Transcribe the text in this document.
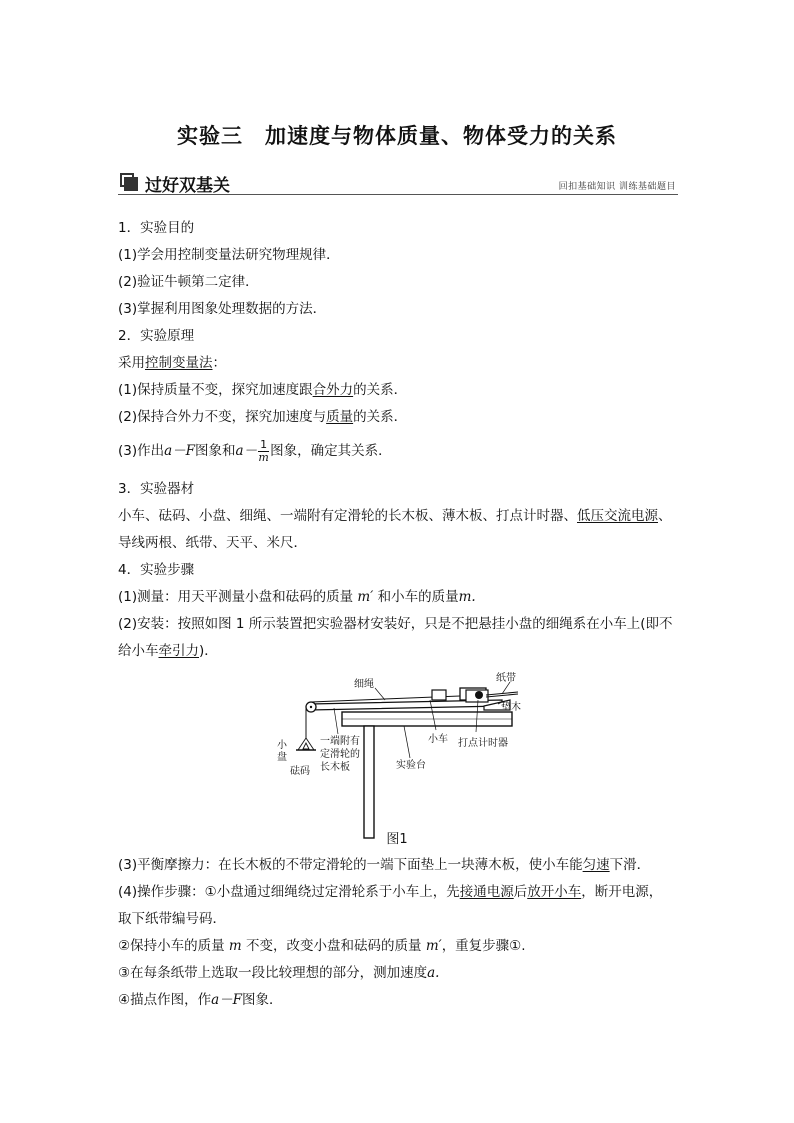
实验三　加速度与物体质量、物体受力的关系
过好双基关	回扣基础知识 训练基础题目
1．实验目的
(1)学会用控制变量法研究物理规律．
(2)验证牛顿第二定律．
(3)掌握利用图象处理数据的方法．
2．实验原理
采用控制变量法：
(1)保持质量不变，探究加速度跟合外力的关系．
(2)保持合外力不变，探究加速度与质量的关系．
(3)作出a－F图象和$a- \frac{1}{m}$ 图象，确定其关系．
3．实验器材
小车、砝码、小盘、细绳、一端附有定滑轮的长木板、薄木板、打点计时器、低压交流电源、
导线两根、纸带、天平、米尺．
4．实验步骤
(1)测量：用天平测量小盘和砝码的质量 m′ 和小车的质量m.
(2)安装：按照如图 1 所示装置把实验器材安装好，只是不把悬挂小盘的细绳系在小车上(即不
给小车牵引力)．
细绳
纸带
垫木
小车 打点计时器
一端附有
定滑轮的
长木板	实验台
小
盘
砝码
图1
(3)平衡摩擦力：在长木板的不带定滑轮的一端下面垫上一块薄木板，使小车能匀速下滑．
(4)操作步骤：①小盘通过细绳绕过定滑轮系于小车上，先接通电源后放开小车，断开电源，
取下纸带编号码．
②保持小车的质量 m 不变，改变小盘和砝码的质量 m′，重复步骤①.
③在每条纸带上选取一段比较理想的部分，测加速度a.
④描点作图，作a－F图象．
